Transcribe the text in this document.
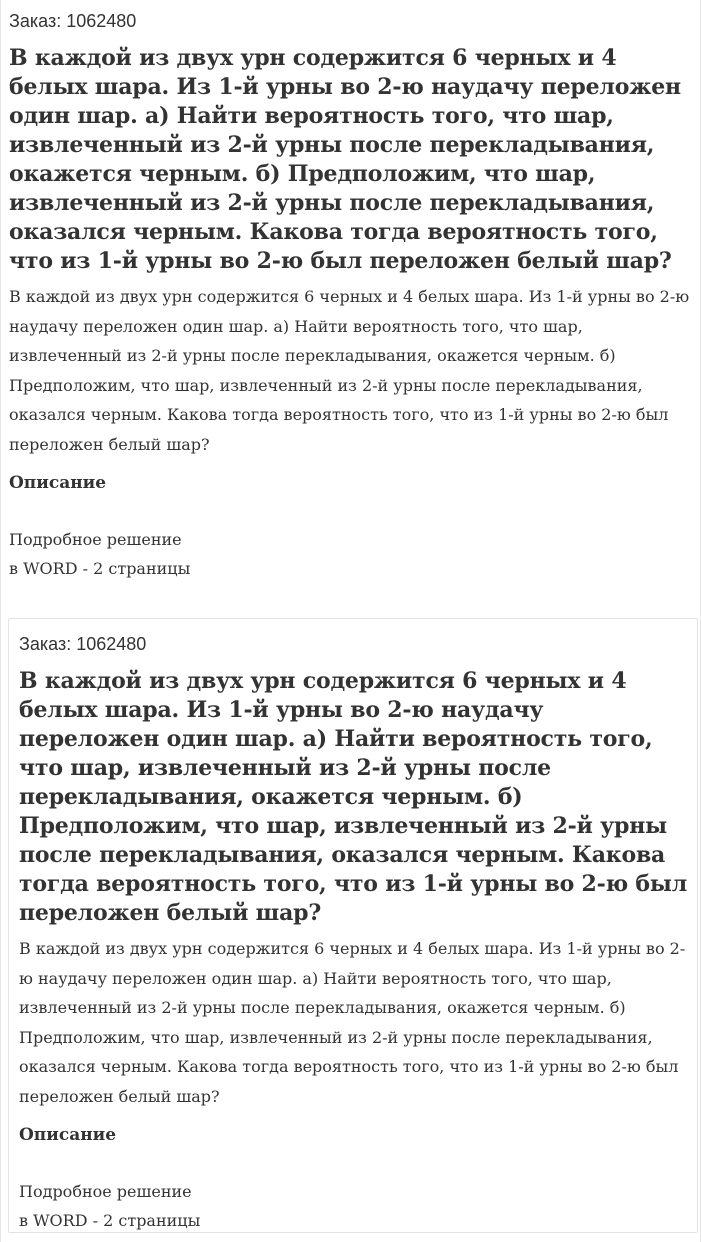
Заказ: 1062480
В каждой из двух урн содержится 6 черных и 4 белых шара. Из 1-й урны во 2-ю наудачу переложен один шар. а) Найти вероятность того, что шар, извлеченный из 2-й урны после перекладывания, окажется черным. б) Предположим, что шар, извлеченный из 2-й урны после перекладывания, оказался черным. Какова тогда вероятность того, что из 1-й урны во 2-ю был переложен белый шар?

В каждой из двух урн содержится 6 черных и 4 белых шара. Из 1-й урны во 2-ю наудачу переложен один шар. а) Найти вероятность того, что шар, извлеченный из 2-й урны после перекладывания, окажется черным. б) Предположим, что шар, извлеченный из 2-й урны после перекладывания, оказался черным. Какова тогда вероятность того, что из 1-й урны во 2-ю был переложен белый шар?

Описание
Подробное решение
в WORD - 2 страницы
Заказ: 1062480
В каждой из двух урн содержится 6 черных и 4 белых шара. Из 1-й урны во 2-ю наудачу переложен один шар. а) Найти вероятность того, что шар, извлеченный из 2-й урны после перекладывания, окажется черным. б) Предположим, что шар, извлеченный из 2-й урны после перекладывания, оказался черным. Какова тогда вероятность того, что из 1-й урны во 2-ю был переложен белый шар?

В каждой из двух урн содержится 6 черных и 4 белых шара. Из 1-й урны во 2-ю наудачу переложен один шар. а) Найти вероятность того, что шар, извлеченный из 2-й урны после перекладывания, окажется черным. б) Предположим, что шар, извлеченный из 2-й урны после перекладывания, оказался черным. Какова тогда вероятность того, что из 1-й урны во 2-ю был переложен белый шар?

Описание
Подробное решение
в WORD - 2 страницы
